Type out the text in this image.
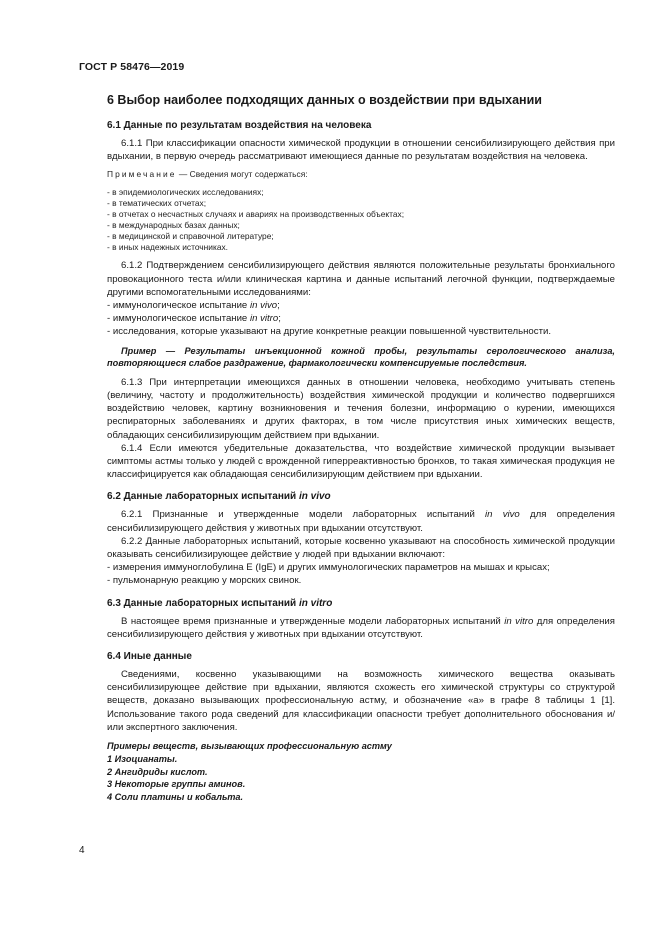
ГОСТ Р 58476—2019
6 Выбор наиболее подходящих данных о воздействии при вдыхании
6.1 Данные по результатам воздействия на человека

6.1.1 При классификации опасности химической продукции в отношении сенсибилизирующего действия при вдыхании, в первую очередь рассматривают имеющиеся данные по результатам воздействия на человека.

Примечание — Сведения могут содержаться:
- в эпидемиологических исследованиях;
- в тематических отчетах;
- в отчетах о несчастных случаях и авариях на производственных объектах;
- в международных базах данных;
- в медицинской и справочной литературе;
- в иных надежных источниках.

6.1.2 Подтверждением сенсибилизирующего действия являются положительные результаты бронхиального провокационного теста и/или клиническая картина и данные испытаний легочной функции, подтверждаемые другими вспомогательными исследованиями:

- иммунологическое испытание in vivo;
- иммунологическое испытание in vitro;
- исследования, которые указывают на другие конкретные реакции повышенной чувствительности.

Пример — Результаты инъекционной кожной пробы, результаты серологического анализа, повторяющиеся слабое раздражение, фармакологически компенсируемые последствия.

6.1.3 При интерпретации имеющихся данных в отношении человека, необходимо учитывать степень (величину, частоту и продолжительность) воздействия химической продукции и количество подвергшихся воздействию человек, картину возникновения и течения болезни, информацию о курении, имеющихся респираторных заболеваниях и других факторах, в том числе присутствия иных химических веществ, обладающих сенсибилизирующим действием при вдыхании.

6.1.4 Если имеются убедительные доказательства, что воздействие химической продукции вызывает симптомы астмы только у людей с врожденной гиперреактивностью бронхов, то такая химическая продукция не классифицируется как обладающая сенсибилизирующим действием при вдыхании.

6.2 Данные лабораторных испытаний in vivo

6.2.1 Признанные и утвержденные модели лабораторных испытаний in vivo для определения сенсибилизирующего действия у животных при вдыхании отсутствуют.

6.2.2 Данные лабораторных испытаний, которые косвенно указывают на способность химической продукции оказывать сенсибилизирующее действие у людей при вдыхании включают:

- измерения иммуноглобулина E (IgE) и других иммунологических параметров на мышах и крысах;
- пульмонарную реакцию у морских свинок.
6.3 Данные лабораторных испытаний in vitro

В настоящее время признанные и утвержденные модели лабораторных испытаний in vitro для определения сенсибилизирующего действия у животных при вдыхании отсутствуют.

6.4 Иные данные

Сведениями, косвенно указывающими на возможность химического вещества оказывать сенсибилизирующее действие при вдыхании, являются схожесть его химической структуры со структурой веществ, доказано вызывающих профессиональную астму, и обозначение «а» в графе 8 таблицы 1 [1]. Использование такого рода сведений для классификации опасности требует дополнительного обоснования и/или экспертного заключения.

Примеры веществ, вызывающих профессиональную астму
1 Изоцианаты.
2 Ангидриды кислот.
3 Некоторые группы аминов.
4 Соли платины и кобальта.
4
